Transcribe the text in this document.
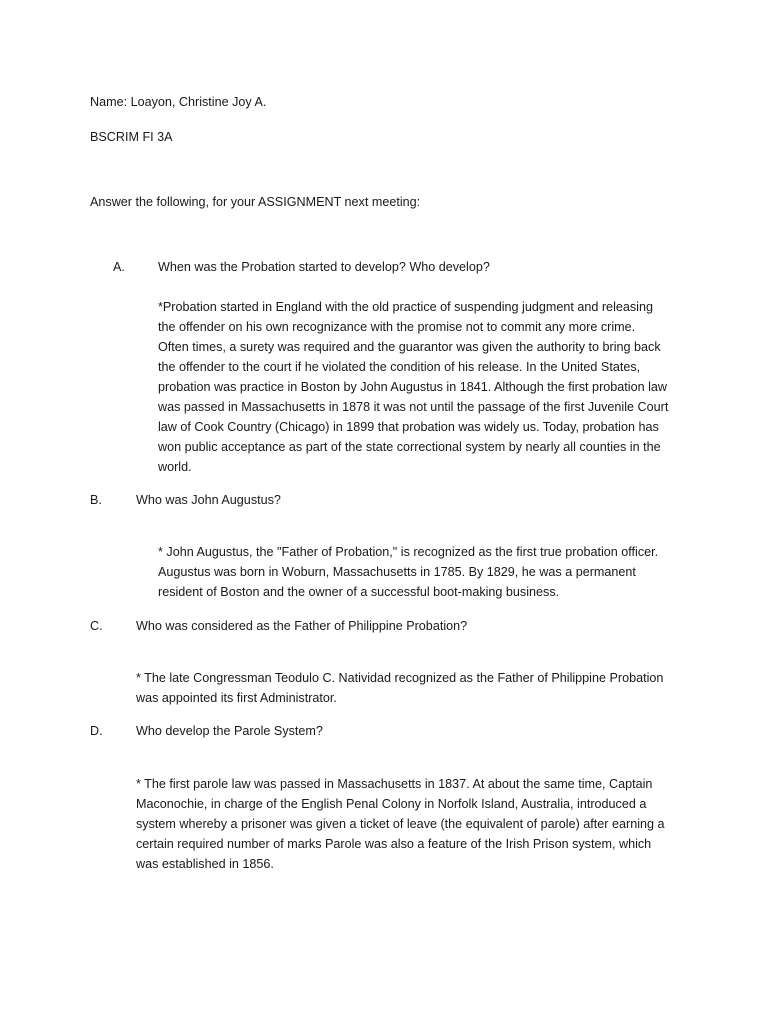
Name: Loayon, Christine Joy A.
BSCRIM FI 3A
Answer the following, for your ASSIGNMENT next meeting:
A.	When was the Probation started to develop? Who develop?
*Probation started in England with the old practice of suspending judgment and releasing
the offender on his own recognizance with the promise not to commit any more crime.
Often times, a surety was required and the guarantor was given the authority to bring back
the offender to the court if he violated the condition of his release. In the United States,
probation was practice in Boston by John Augustus in 1841. Although the first probation law
was passed in Massachusetts in 1878 it was not until the passage of the first Juvenile Court
law of Cook Country (Chicago) in 1899 that probation was widely us. Today, probation has
won public acceptance as part of the state correctional system by nearly all counties in the
world.
B.	Who was John Augustus?
* John Augustus, the "Father of Probation," is recognized as the first true probation officer.
Augustus was born in Woburn, Massachusetts in 1785. By 1829, he was a permanent
resident of Boston and the owner of a successful boot-making business.
C.	Who was considered as the Father of Philippine Probation?
* The late Congressman Teodulo C. Natividad recognized as the Father of Philippine Probation
was appointed its first Administrator.
D.	Who develop the Parole System?
* The first parole law was passed in Massachusetts in 1837. At about the same time, Captain
Maconochie, in charge of the English Penal Colony in Norfolk Island, Australia, introduced a
system whereby a prisoner was given a ticket of leave (the equivalent of parole) after earning a
certain required number of marks Parole was also a feature of the Irish Prison system, which
was established in 1856.
